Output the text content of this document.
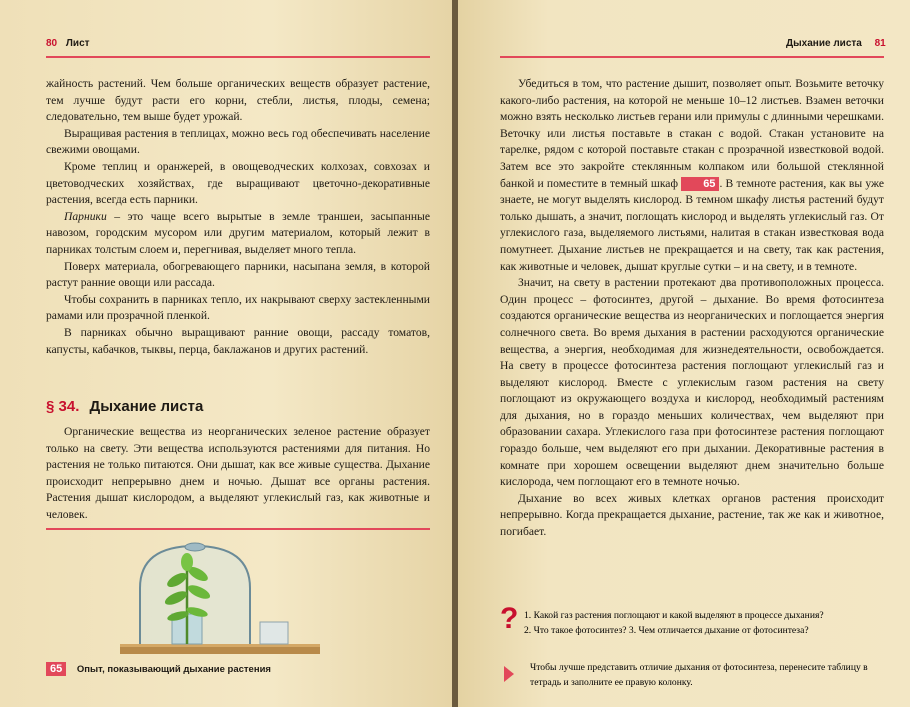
80 Лист

жайность растений. Чем больше органических веществ образует растение, тем лучше будут расти его корни, стебли, листья, плоды, семена; следовательно, тем выше будет урожай.

Выращивая растения в теплицах, можно весь год обеспечивать население свежими овощами.

Кроме теплиц и оранжерей, в овощеводческих колхозах, совхозах и цветоводческих хозяйствах, где выращивают цветочно-декоративные растения, всегда есть парники.

Парники – это чаще всего вырытые в земле траншеи, засыпанные навозом, городским мусором или другим материалом, который лежит в парниках толстым слоем и, перегнивая, выделяет много тепла.

Поверх материала, обогревающего парники, насыпана земля, в которой растут ранние овощи или рассада.

Чтобы сохранить в парниках тепло, их накрывают сверху застекленными рамами или прозрачной пленкой.

В парниках обычно выращивают ранние овощи, рассаду томатов, капусты, кабачков, тыквы, перца, баклажанов и других растений.

§ 34. Дыхание листа

Органические вещества из неорганических зеленое растение образует только на свету. Эти вещества используются растениями для питания. Но растения не только питаются. Они дышат, как все живые существа. Дыхание происходит непрерывно днем и ночью. Дышат все органы растения. Растения дышат кислородом, а выделяют углекислый газ, как животные и человек.

65 Опыт, показывающий дыхание растения
Дыхание листа 81

Убедиться в том, что растение дышит, позволяет опыт. Возьмите веточку какого-либо растения, на которой не меньше 10–12 листьев. Взамен веточки можно взять несколько листьев герани или примулы с длинными черешками. Веточку или листья поставьте в стакан с водой. Стакан установите на тарелке, рядом с которой поставьте стакан с прозрачной известковой водой. Затем все это закройте стеклянным колпаком или большой стеклянной банкой и поместите в темный шкаф 65 . В темноте растения, как вы уже знаете, не могут выделять кислород. В темном шкафу листья растений будут только дышать, а значит, поглощать кислород и выделять углекислый газ. От углекислого газа, выделяемого листьями, налитая в стакан известковая вода помутнеет. Дыхание листьев не прекращается и на свету, так как растения, как животные и человек, дышат круглые сутки – и на свету, и в темноте.

Значит, на свету в растении протекают два противоположных процесса. Один процесс – фотосинтез, другой – дыхание. Во время фотосинтеза создаются органические вещества из неорганических и поглощается энергия солнечного света. Во время дыхания в растении расходуются органические вещества, а энергия, необходимая для жизнедеятельности, освобождается. На свету в процессе фотосинтеза растения поглощают углекислый газ и выделяют кислород. Вместе с углекислым газом растения на свету поглощают из окружающего воздуха и кислород, необходимый растениям для дыхания, но в гораздо меньших количествах, чем выделяют при образовании сахара. Углекислого газа при фотосинтезе растения поглощают гораздо больше, чем выделяют его при дыхании. Декоративные растения в комнате при хорошем освещении выделяют днем значительно больше кислорода, чем поглощают его в темноте ночью.

Дыхание во всех живых клетках органов растения происходит непрерывно. Когда прекращается дыхание, растение, так же как и животное, погибает.

? 1. Какой газ растения поглощают и какой выделяют в процессе дыхания?
2. Что такое фотосинтез? 3. Чем отличается дыхание от фотосинтеза?
Чтобы лучше представить отличие дыхания от фотосинтеза, перенесите таблицу в тетрадь и заполните ее правую колонку.
